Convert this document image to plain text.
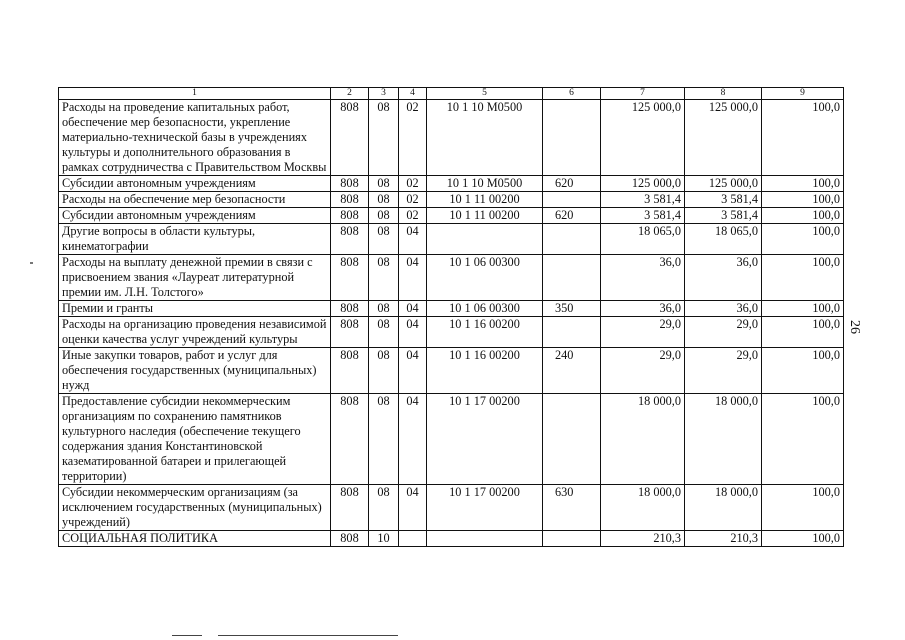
1	2	3	4	5	6	7	8	9
Расходы на проведение капитальных работ, обеспечение мер безопасности, укрепление материально-технической базы в учреждениях культуры и дополнительного образования в рамках сотрудничества с Правительством Москвы	808	08	02	10 1 10 М0500		125 000,0	125 000,0	100,0
Субсидии автономным учреждениям	808	08	02	10 1 10 М0500	620	125 000,0	125 000,0	100,0
Расходы на обеспечение мер безопасности	808	08	02	10 1 11 00200		3 581,4	3 581,4	100,0
Субсидии автономным учреждениям	808	08	02	10 1 11 00200	620	3 581,4	3 581,4	100,0
Другие вопросы в области культуры, кинематографии	808	08	04			18 065,0	18 065,0	100,0
Расходы на выплату денежной премии в связи с присвоением звания «Лауреат литературной премии им. Л.Н. Толстого»	808	08	04	10 1 06 00300		36,0	36,0	100,0
Премии и гранты	808	08	04	10 1 06 00300	350	36,0	36,0	100,0
Расходы на организацию проведения независимой оценки качества услуг учреждений культуры	808	08	04	10 1 16 00200		29,0	29,0	100,0
Иные закупки товаров, работ и услуг для обеспечения государственных (муниципальных) нужд	808	08	04	10 1 16 00200	240	29,0	29,0	100,0
Предоставление субсидии некоммерческим организациям по сохранению памятников культурного наследия (обеспечение текущего содержания здания Константиновской казематированной батареи и прилегающей территории)	808	08	04	10 1 17 00200		18 000,0	18 000,0	100,0
Субсидии некоммерческим организациям (за исключением государственных (муниципальных) учреждений)	808	08	04	10 1 17 00200	630	18 000,0	18 000,0	100,0
СОЦИАЛЬНАЯ ПОЛИТИКА	808	10				210,3	210,3	100,0
26
